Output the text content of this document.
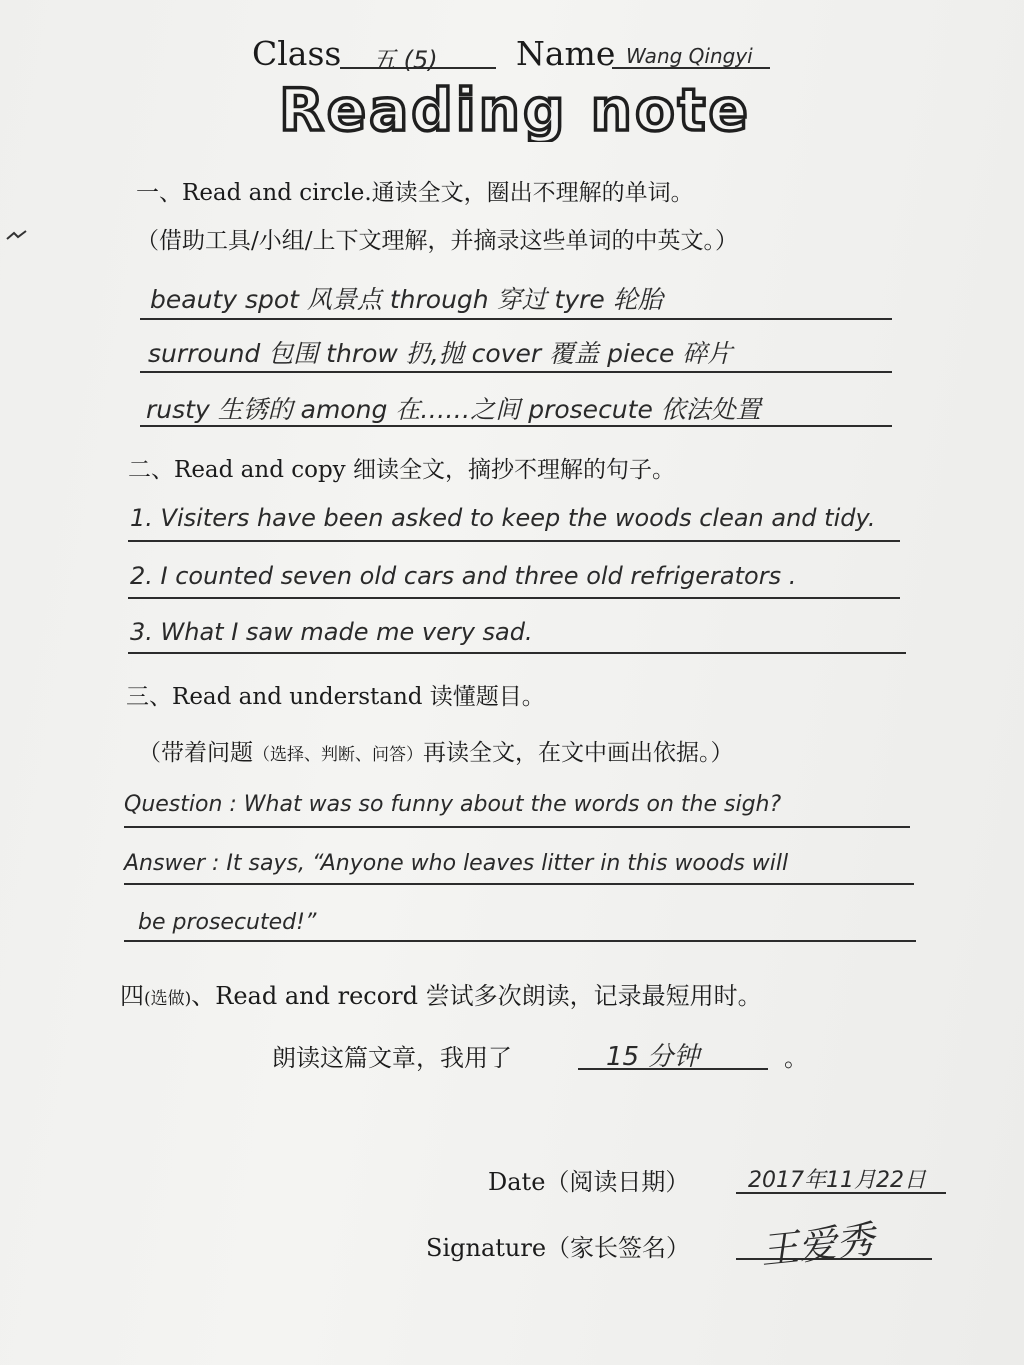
Class 五 (5) Name Wang Qingyi
Reading note
一、Read and circle.通读全文，圈出不理解的单词。
（借助工具/小组/上下文理解，并摘录这些单词的中英文。）
beauty spot 风景点 through 穿过 tyre 轮胎
surround 包围 throw 扔,抛 cover 覆盖 piece 碎片
rusty 生锈的 among 在……之间 prosecute 依法处置
二、Read and copy 细读全文，摘抄不理解的句子。
1. Visiters have been asked to keep the woods clean and tidy.
2. I counted seven old cars and three old refrigerators .
3. What I saw made me very sad.
三、Read and understand 读懂题目。
（带着问题（选择、判断、问答）再读全文，在文中画出依据。）
Question : What was so funny about the words on the sigh?
Answer : It says, “Anyone who leaves litter in this woods will
be prosecuted!”
四(选做)、Read and record 尝试多次朗读，记录最短用时。
朗读这篇文章，我用了	15 分钟	。
Date（阅读日期）	2017年11月22日
Signature（家长签名） 王爱秀
